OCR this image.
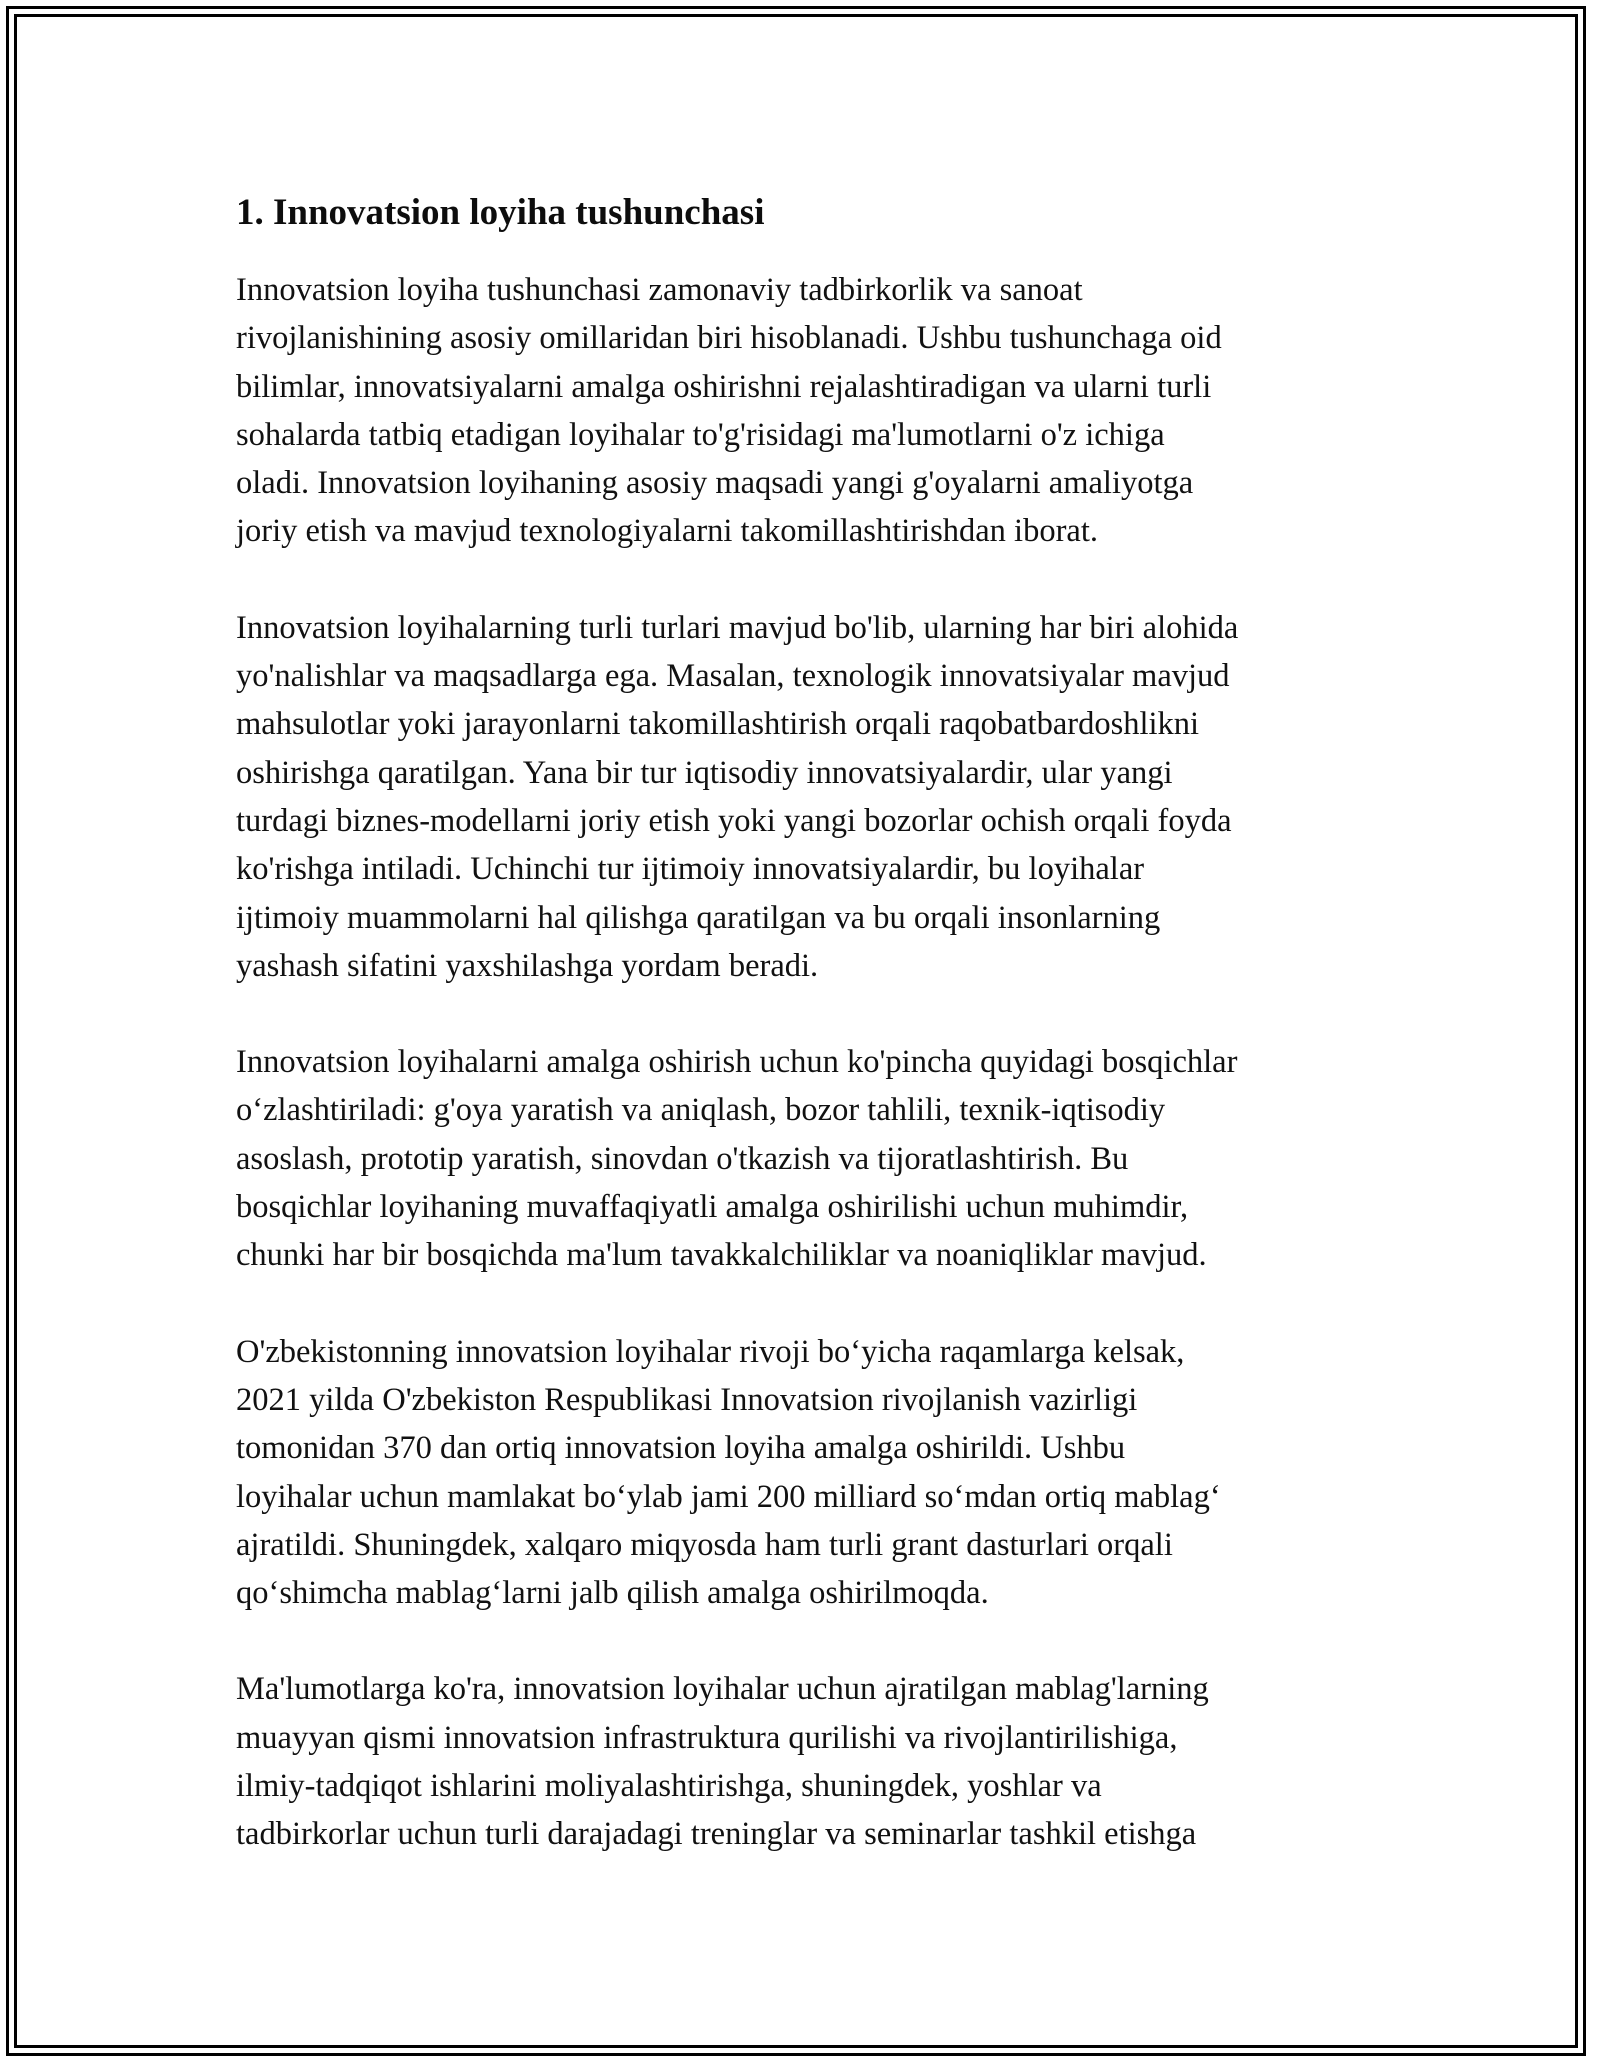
1. Innovatsion loyiha tushunchasi

Innovatsion loyiha tushunchasi zamonaviy tadbirkorlik va sanoat
rivojlanishining asosiy omillaridan biri hisoblanadi. Ushbu tushunchaga oid
bilimlar, innovatsiyalarni amalga oshirishni rejalashtiradigan va ularni turli
sohalarda tatbiq etadigan loyihalar to'g'risidagi ma'lumotlarni o'z ichiga
oladi. Innovatsion loyihaning asosiy maqsadi yangi g'oyalarni amaliyotga
joriy etish va mavjud texnologiyalarni takomillashtirishdan iborat.

Innovatsion loyihalarning turli turlari mavjud bo'lib, ularning har biri alohida
yo'nalishlar va maqsadlarga ega. Masalan, texnologik innovatsiyalar mavjud
mahsulotlar yoki jarayonlarni takomillashtirish orqali raqobatbardoshlikni
oshirishga qaratilgan. Yana bir tur iqtisodiy innovatsiyalardir, ular yangi
turdagi biznes-modellarni joriy etish yoki yangi bozorlar ochish orqali foyda
ko'rishga intiladi. Uchinchi tur ijtimoiy innovatsiyalardir, bu loyihalar
ijtimoiy muammolarni hal qilishga qaratilgan va bu orqali insonlarning
yashash sifatini yaxshilashga yordam beradi.

Innovatsion loyihalarni amalga oshirish uchun ko'pincha quyidagi bosqichlar
o‘zlashtiriladi: g'oya yaratish va aniqlash, bozor tahlili, texnik-iqtisodiy
asoslash, prototip yaratish, sinovdan o'tkazish va tijoratlashtirish. Bu
bosqichlar loyihaning muvaffaqiyatli amalga oshirilishi uchun muhimdir,
chunki har bir bosqichda ma'lum tavakkalchiliklar va noaniqliklar mavjud.

O'zbekistonning innovatsion loyihalar rivoji bo‘yicha raqamlarga kelsak,
2021 yilda O'zbekiston Respublikasi Innovatsion rivojlanish vazirligi
tomonidan 370 dan ortiq innovatsion loyiha amalga oshirildi. Ushbu
loyihalar uchun mamlakat bo‘ylab jami 200 milliard so‘mdan ortiq mablag‘
ajratildi. Shuningdek, xalqaro miqyosda ham turli grant dasturlari orqali
qo‘shimcha mablag‘larni jalb qilish amalga oshirilmoqda.

Ma'lumotlarga ko'ra, innovatsion loyihalar uchun ajratilgan mablag'larning
muayyan qismi innovatsion infrastruktura qurilishi va rivojlantirilishiga,
ilmiy-tadqiqot ishlarini moliyalashtirishga, shuningdek, yoshlar va
tadbirkorlar uchun turli darajadagi treninglar va seminarlar tashkil etishga
